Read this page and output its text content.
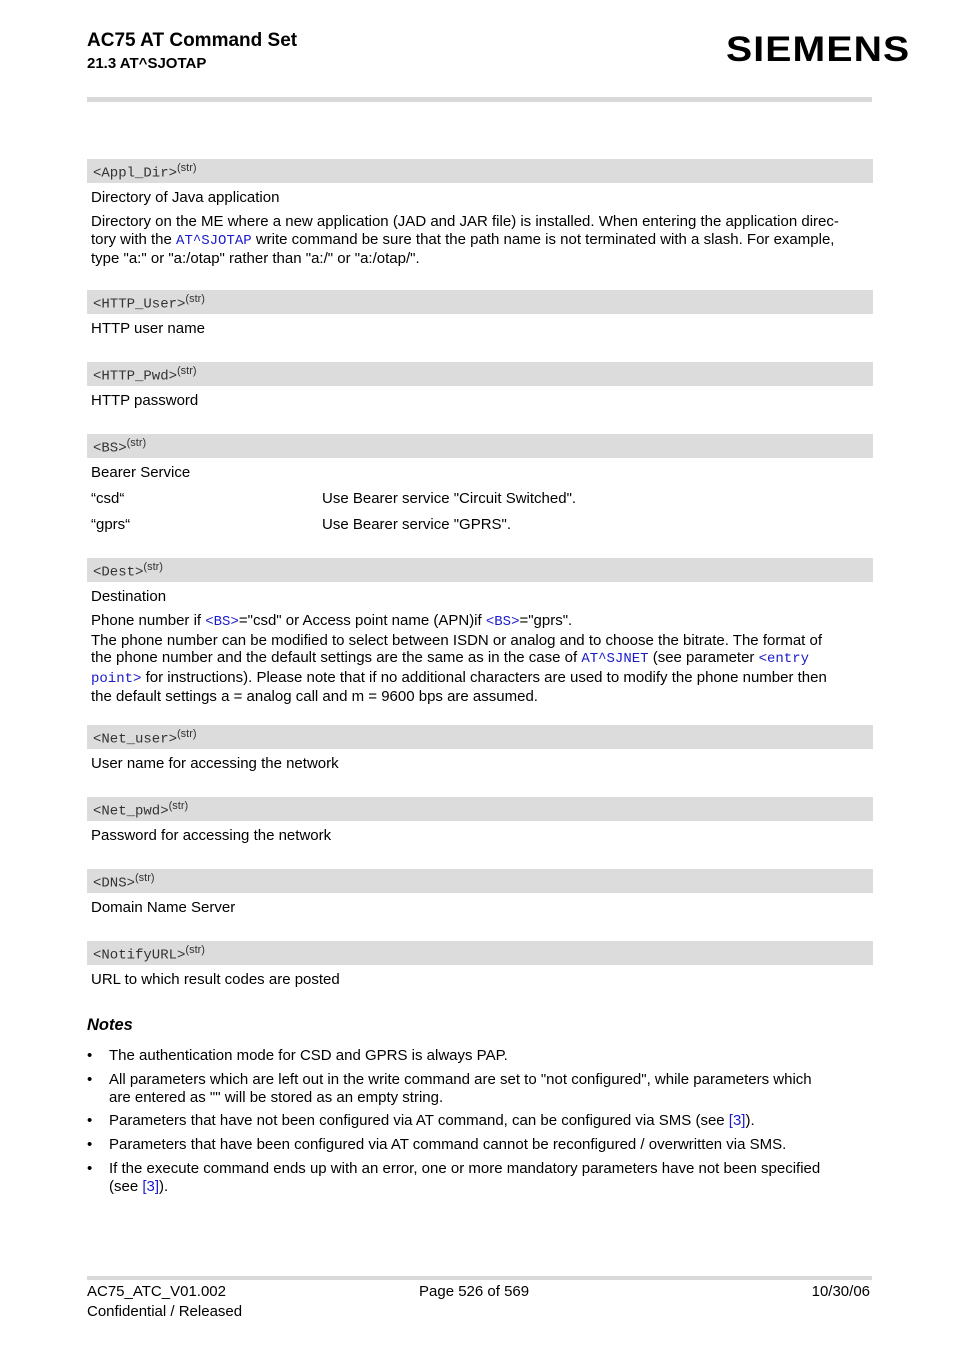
AC75 AT Command Set
21.3 AT^SJOTAP	SIEMENS
<Appl_Dir>$^{(str)}$
Directory of Java application
Directory on the ME where a new application (JAD and JAR file) is installed. When entering the application direc-
tory with the AT^SJOTAP write command be sure that the path name is not terminated with a slash. For example,
type "a:" or "a:/otap" rather than "a:/" or "a:/otap/".
<HTTP_User>$^{(str)}$
HTTP user name
<HTTP_Pwd>$^{(str)}$
HTTP password
<BS>$^{(str)}$
Bearer Service
“csd“	Use Bearer service "Circuit Switched".
“gprs“	Use Bearer service "GPRS".
<Dest>$^{(str)}$
Destination
Phone number if <BS>="csd" or Access point name (APN)if <BS>="gprs".
The phone number can be modified to select between ISDN or analog and to choose the bitrate. The format of
the phone number and the default settings are the same as in the case of AT^SJNET (see parameter <entry
point> for instructions). Please note that if no additional characters are used to modify the phone number then
the default settings a = analog call and m = 9600 bps are assumed.
<Net_user>$^{(str)}$
User name for accessing the network
<Net_pwd>$^{(str)}$
Password for accessing the network
<DNS>$^{(str)}$
Domain Name Server
<NotifyURL>$^{(str)}$
URL to which result codes are posted
Notes
• The authentication mode for CSD and GPRS is always PAP.
• All parameters which are left out in the write command are set to "not configured", while parameters which
are entered as "" will be stored as an empty string.
• Parameters that have not been configured via AT command, can be configured via SMS (see [3]).
• Parameters that have been configured via AT command cannot be reconfigured / overwritten via SMS.
• If the execute command ends up with an error, one or more mandatory parameters have not been specified
(see [3]).
AC75_ATC_V01.002
Confidential / Released
Page 526 of 569	10/30/06
